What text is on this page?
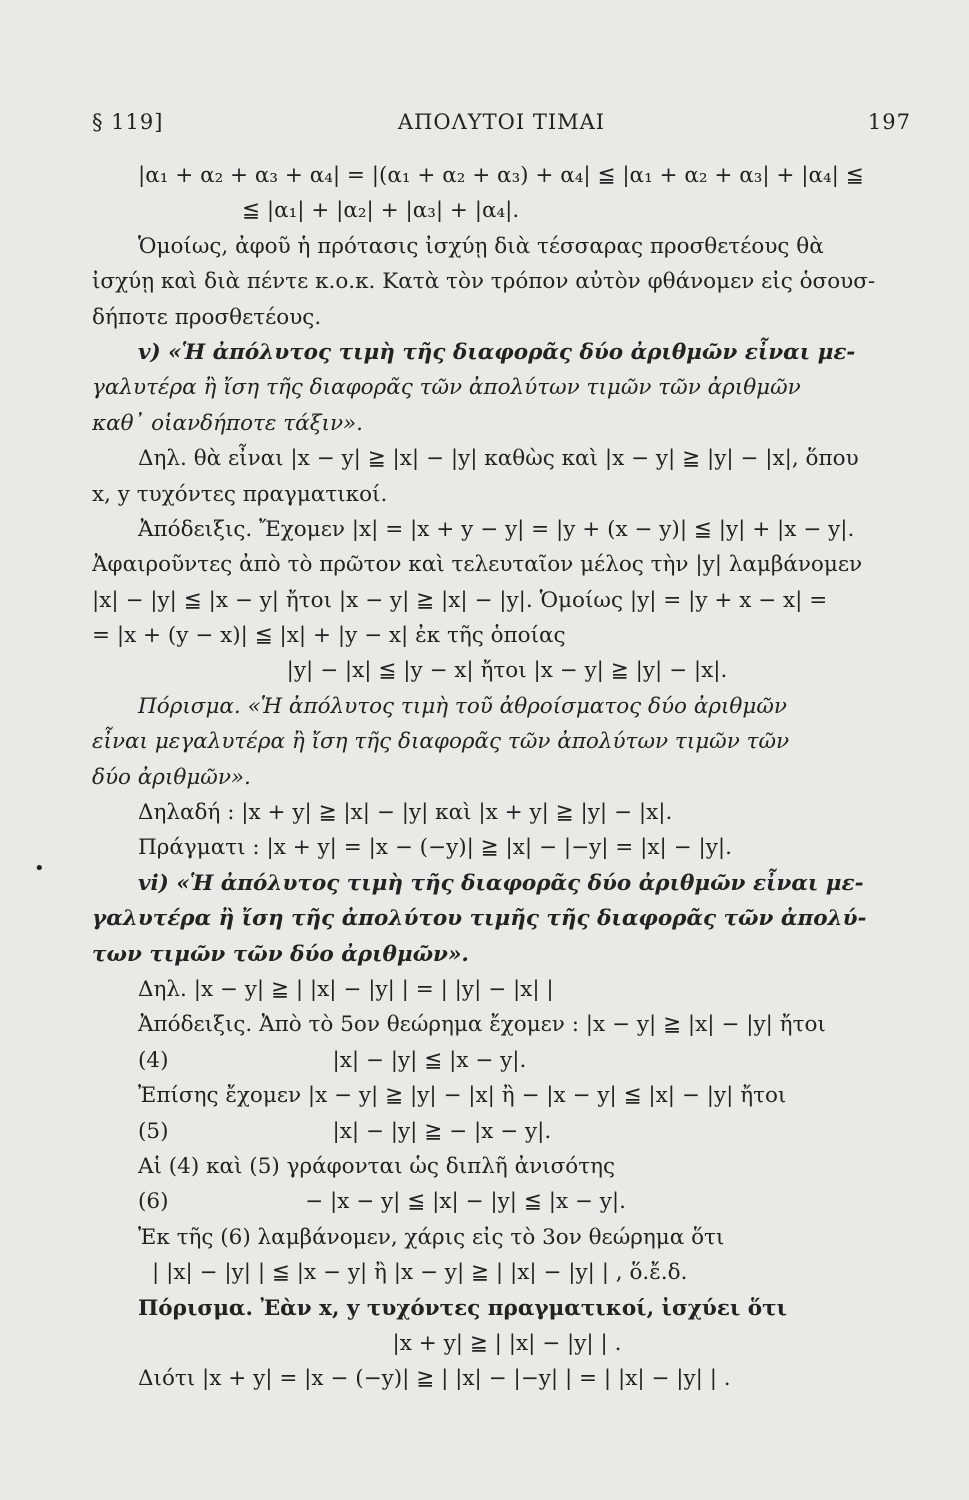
§ 119]	ΑΠΟΛΥΤΟΙ ΤΙΜΑΙ	197
|α₁ + α₂ + α₃ + α₄| = |(α₁ + α₂ + α₃) + α₄| ≦ |α₁ + α₂ + α₃| + |α₄| ≦
≦ |α₁| + |α₂| + |α₃| + |α₄|.
Ὁμοίως, ἀφοῦ ἡ πρότασις ἰσχύῃ διὰ τέσσαρας προσθετέους θὰ
ἰσχύῃ καὶ διὰ πέντε κ.ο.κ. Κατὰ τὸν τρόπον αὐτὸν φθάνομεν εἰς ὁσουσ-
δήποτε προσθετέους.
v) «Ἡ ἀπόλυτος τιμὴ τῆς διαφορᾶς δύο ἀριθμῶν εἶναι με-
γαλυτέρα ἢ ἴση τῆς διαφορᾶς τῶν ἀπολύτων τιμῶν τῶν ἀριθμῶν
καθ᾽ οἱανδήποτε τάξιν».
Δηλ. θὰ εἶναι |x − y| ≧ |x| − |y| καθὼς καὶ |x − y| ≧ |y| − |x|, ὅπου
x, y τυχόντες πραγματικοί.
Ἀπόδειξις. Ἔχομεν |x| = |x + y − y| = |y + (x − y)| ≦ |y| + |x − y|.
Ἀφαιροῦντες ἀπὸ τὸ πρῶτον καὶ τελευταῖον μέλος τὴν |y| λαμβάνομεν
|x| − |y| ≦ |x − y| ἤτοι |x − y| ≧ |x| − |y|. Ὁμοίως |y| = |y + x − x| =
= |x + (y − x)| ≦ |x| + |y − x| ἐκ τῆς ὁποίας
|y| − |x| ≦ |y − x| ἤτοι |x − y| ≧ |y| − |x|.
Πόρισμα. «Ἡ ἀπόλυτος τιμὴ τοῦ ἀθροίσματος δύο ἀριθμῶν
εἶναι μεγαλυτέρα ἢ ἴση τῆς διαφορᾶς τῶν ἀπολύτων τιμῶν τῶν
δύο ἀριθμῶν».
Δηλαδή : |x + y| ≧ |x| − |y| καὶ |x + y| ≧ |y| − |x|.
Πράγματι : |x + y| = |x − (−y)| ≧ |x| − |−y| = |x| − |y|.
vi) «Ἡ ἀπόλυτος τιμὴ τῆς διαφορᾶς δύο ἀριθμῶν εἶναι με-
γαλυτέρα ἢ ἴση τῆς ἀπολύτου τιμῆς τῆς διαφορᾶς τῶν ἀπολύ-
των τιμῶν τῶν δύο ἀριθμῶν».
Δηλ. |x − y| ≧ | |x| − |y| | = | |y| − |x| |
Ἀπόδειξις. Ἀπὸ τὸ 5ον θεώρημα ἔχομεν : |x − y| ≧ |x| − |y| ἤτοι
(4)                        |x| − |y| ≦ |x − y|.
Ἐπίσης ἔχομεν |x − y| ≧ |y| − |x| ἢ − |x − y| ≦ |x| − |y| ἤτοι
(5)                        |x| − |y| ≧ − |x − y|.
Αἱ (4) καὶ (5) γράφονται ὡς διπλῆ ἀνισότης
(6)                    − |x − y| ≦ |x| − |y| ≦ |x − y|.
Ἐκ τῆς (6) λαμβάνομεν, χάρις εἰς τὸ 3ον θεώρημα ὅτι
| |x| − |y| | ≦ |x − y| ἢ |x − y| ≧ | |x| − |y| | , ὅ.ἔ.δ.
Πόρισμα. Ἐὰν x, y τυχόντες πραγματικοί, ἰσχύει ὅτι
|x + y| ≧ | |x| − |y| | .
Διότι |x + y| = |x − (−y)| ≧ | |x| − |−y| | = | |x| − |y| | .
•
